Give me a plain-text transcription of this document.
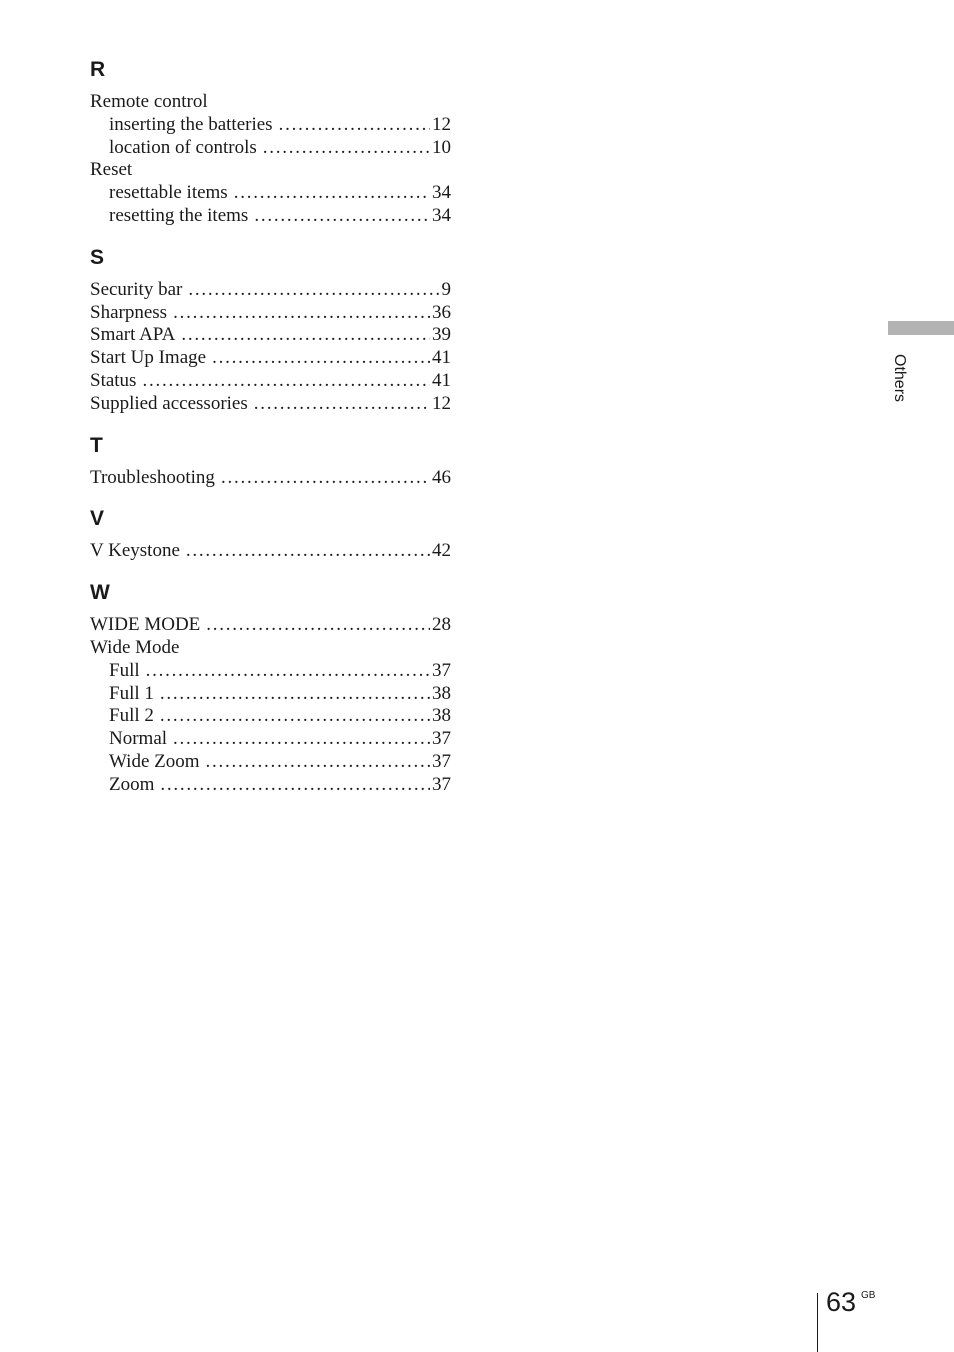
R
Remote control
inserting the batteries . . .	12
location of controls . . .	10
Reset
resettable items . . .	34
resetting the items . . .	34
S
Security bar . . .	9
Sharpness . . .	36
Smart APA . . .	39
Start Up Image . . .	41
Status . . .	41
Supplied accessories . . .	12
T
Troubleshooting . . .	46
V
V Keystone . . .	42
W
WIDE MODE . . .	28
Wide Mode
Full . . .	37
Full 1 . . .	38
Full 2 . . .	38
Normal . . .	37
Wide Zoom . . .	37
Zoom . . .	37
Others
63 GB
